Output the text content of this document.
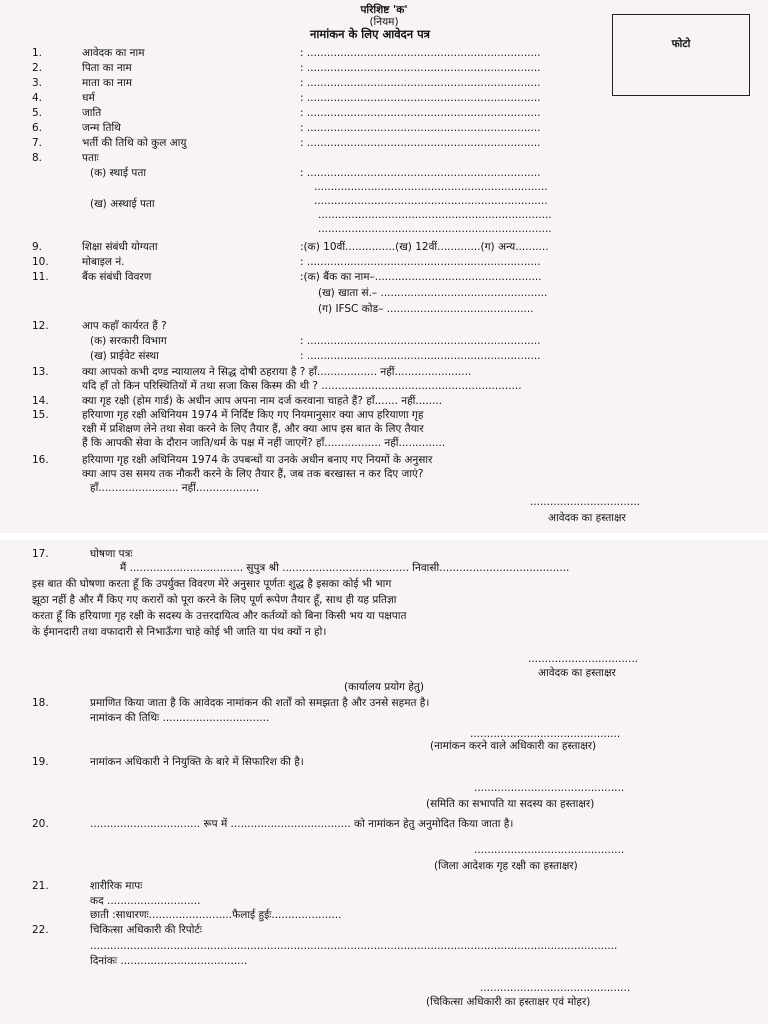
परिशिष्ट 'क'
(नियम)
नामांकन के लिए आवेदन पत्र
फोटो
1.	आवेदक का नाम	: ......................................................................
2.	पिता का नाम	: ......................................................................
3.	माता का नाम	: ......................................................................
4.	धर्म	: ......................................................................
5.	जाति	: ......................................................................
6.	जन्म तिथि	: ......................................................................
7.	भर्ती की तिथि को कुल आयु	: ......................................................................
8.	पताः
(क) स्थाई पता	: ......................................................................
......................................................................
......................................................................
(ख) अस्थाई पता
......................................................................
......................................................................
9.	शिक्षा संबंधी योग्यता	:(क) 10वीं...............(ख) 12वीं.............(ग) अन्य..........
10.	मोबाइल नं.	: ......................................................................
11.	बैंक संबंधी विवरण	:(क) बैंक का नाम–..................................................
(ख) खाता सं.– ..................................................
(ग) IFSC कोड– ............................................
12.	आप कहाँ कार्यरत हैं ?
(क) सरकारी विभाग	: ......................................................................
(ख) प्राईवेट संस्था	: ......................................................................
13.	क्या आपको कभी दण्ड न्यायालय ने सिद्ध दोषी ठहराया है ? हाँ.................. नहीं.......................
यदि हाँ तो किन परिस्थितियों में तथा सजा किस किस्म की थी ? ............................................................
14.	क्या गृह रक्षी (होम गार्ड) के अधीन आप अपना नाम दर्ज करवाना चाहते हैं? हाँ....... नहीं........
15.	हरियाणा गृह रक्षी अधिनियम 1974 में निर्दिष्ट किए गए नियमानुसार क्या आप हरियाणा गृह
रक्षी में प्रशिक्षण लेने तथा सेवा करने के लिए तैयार हैं, और क्या आप इस बात के लिए तैयार
हैं कि आपकी सेवा के दौरान जाति/धर्म के पक्ष में नहीं जाएगें? हाँ................. नहीं..............
16.	हरियाणा गृह रक्षी अधिनियम 1974 के उपबन्धों या उनके अधीन बनाए गए नियमों के अनुसार
क्या आप उस समय तक नौकरी करने के लिए तैयार हैं, जब तक बरखास्त न कर दिए जाएं?
हाँ........................ नहीं...................
.................................
आवेदक का हस्ताक्षर
17.	घोषणा पत्रः
मैं .................................. सुपुत्र श्री ...................................... निवासी.......................................
इस बात की घोषणा करता हूँ कि उपर्युक्त विवरण मेरे अनुसार पूर्णतः शुद्ध है इसका कोई भी भाग
झूठा नहीं है और मैं किए गए करारों को पूरा करने के लिए पूर्ण रूपेण तैयार हूँ, साथ ही यह प्रतिज्ञा
करता हूँ कि हरियाणा गृह रक्षी के सदस्य के उत्तरदायित्व और कर्तव्यों को बिना किसी भय या पक्षपात
के ईमानदारी तथा वफादारी से निभाऊँगा चाहे कोई भी जाति या पंथ क्यों न हो।
.................................
आवेदक का हस्ताक्षर
(कार्यालय प्रयोग हेतु)
18.	प्रमाणित किया जाता है कि आवेदक नामांकन की शर्तों को समझता है और उनसे सहमत है।
नामांकन की तिथिः ................................
.............................................
(नामांकन करने वाले अधिकारी का हस्ताक्षर)
19.	नामांकन अधिकारी ने नियुक्ति के बारे में सिफारिश की है।
.............................................
(समिति का सभापति या सदस्य का हस्ताक्षर)
20.	................................. रूप में .................................... को नामांकन हेतु अनुमोदित किया जाता है।
.............................................
(जिला आदेशक गृह रक्षी का हस्ताक्षर)
21.	शारीरिक मापः
कद ............................
छाती :साधारणः.........................फैलाई हुईः.....................
22.	चिकित्सा अधिकारी की रिपोर्टः
..............................................................................................................................................................
दिनांकः ......................................
.............................................
(चिकित्सा अधिकारी का हस्ताक्षर एवं मोहर)
